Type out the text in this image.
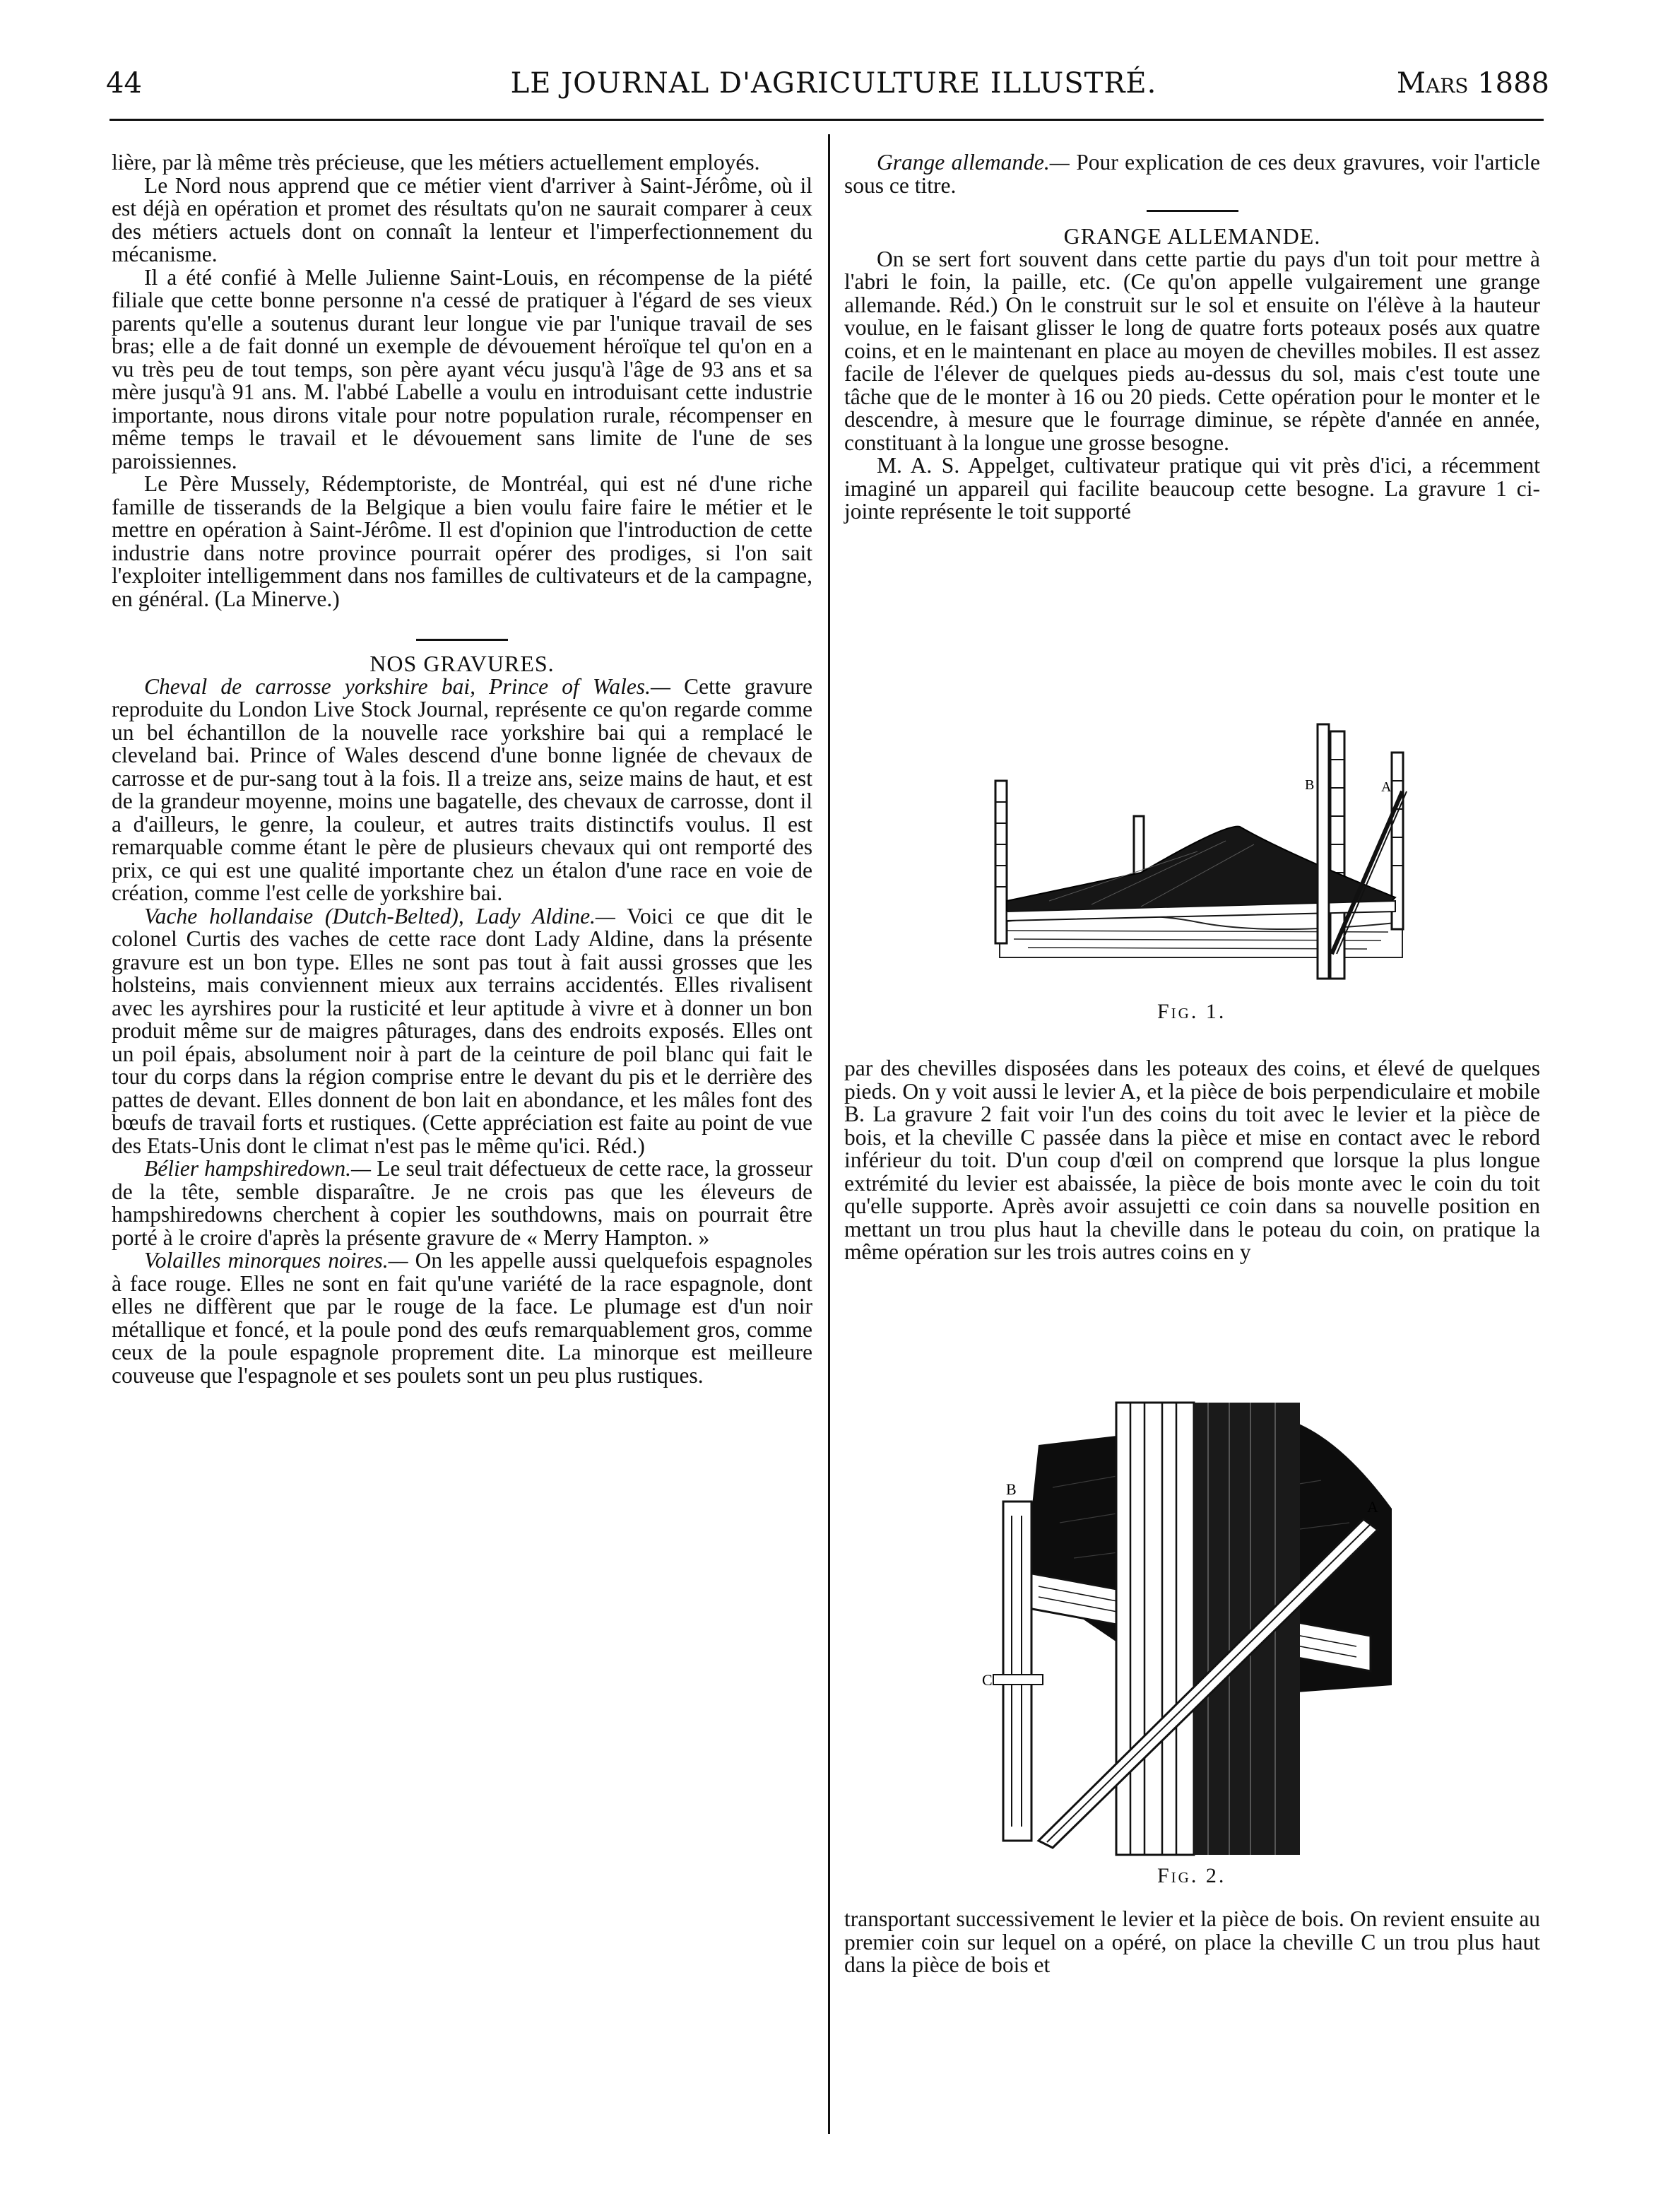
44	LE JOURNAL D'AGRICULTURE ILLUSTRÉ.	Mars 1888

lière, par là même très précieuse, que les métiers actuellement employés.

Le Nord nous apprend que ce métier vient d'arriver à Saint-Jérôme, où il est déjà en opération et promet des résultats qu'on ne saurait comparer à ceux des métiers actuels dont on connaît la lenteur et l'imperfectionnement du mécanisme.

Il a été confié à Melle Julienne Saint-Louis, en récompense de la piété filiale que cette bonne personne n'a cessé de pratiquer à l'égard de ses vieux parents qu'elle a soutenus durant leur longue vie par l'unique travail de ses bras; elle a de fait donné un exemple de dévouement héroïque tel qu'on en a vu très peu de tout temps, son père ayant vécu jusqu'à l'âge de 93 ans et sa mère jusqu'à 91 ans. M. l'abbé Labelle a voulu en introduisant cette industrie importante, nous dirons vitale pour notre population rurale, récompenser en même temps le travail et le dévouement sans limite de l'une de ses paroissiennes.

Le Père Mussely, Rédemptoriste, de Montréal, qui est né d'une riche famille de tisserands de la Belgique a bien voulu faire faire le métier et le mettre en opération à Saint-Jérôme. Il est d'opinion que l'introduction de cette industrie dans notre province pourrait opérer des prodiges, si l'on sait l'exploiter intelligemment dans nos familles de cultivateurs et de la campagne, en général. (La Minerve.)

NOS GRAVURES.

Cheval de carrosse yorkshire bai, Prince of Wales.— Cette gravure reproduite du London Live Stock Journal, représente ce qu'on regarde comme un bel échantillon de la nouvelle race yorkshire bai qui a remplacé le cleveland bai. Prince of Wales descend d'une bonne lignée de chevaux de carrosse et de pur-sang tout à la fois. Il a treize ans, seize mains de haut, et est de la grandeur moyenne, moins une bagatelle, des chevaux de carrosse, dont il a d'ailleurs, le genre, la couleur, et autres traits distinctifs voulus. Il est remarquable comme étant le père de plusieurs chevaux qui ont remporté des prix, ce qui est une qualité importante chez un étalon d'une race en voie de création, comme l'est celle de yorkshire bai.

Vache hollandaise (Dutch-Belted), Lady Aldine.— Voici ce que dit le colonel Curtis des vaches de cette race dont Lady Aldine, dans la présente gravure est un bon type. Elles ne sont pas tout à fait aussi grosses que les holsteins, mais conviennent mieux aux terrains accidentés. Elles rivalisent avec les ayrshires pour la rusticité et leur aptitude à vivre et à donner un bon produit même sur de maigres pâturages, dans des endroits exposés. Elles ont un poil épais, absolument noir à part de la ceinture de poil blanc qui fait le tour du corps dans la région comprise entre le devant du pis et le derrière des pattes de devant. Elles donnent de bon lait en abondance, et les mâles font des bœufs de travail forts et rustiques. (Cette appréciation est faite au point de vue des Etats-Unis dont le climat n'est pas le même qu'ici. Réd.)

Bélier hampshiredown.— Le seul trait défectueux de cette race, la grosseur de la tête, semble disparaître. Je ne crois pas que les éleveurs de hampshiredowns cherchent à copier les southdowns, mais on pourrait être porté à le croire d'après la présente gravure de « Merry Hampton. »

Volailles minorques noires.— On les appelle aussi quelquefois espagnoles à face rouge. Elles ne sont en fait qu'une variété de la race espagnole, dont elles ne diffèrent que par le rouge de la face. Le plumage est d'un noir métallique et foncé, et la poule pond des œufs remarquablement gros, comme ceux de la poule espagnole proprement dite. La minorque est meilleure couveuse que l'espagnole et ses poulets sont un peu plus rustiques.

Grange allemande.— Pour explication de ces deux gravures, voir l'article sous ce titre.

GRANGE ALLEMANDE.

On se sert fort souvent dans cette partie du pays d'un toit pour mettre à l'abri le foin, la paille, etc. (Ce qu'on appelle vulgairement une grange allemande. Réd.) On le construit sur le sol et ensuite on l'élève à la hauteur voulue, en le faisant glisser le long de quatre forts poteaux posés aux quatre coins, et en le maintenant en place au moyen de chevilles mobiles. Il est assez facile de l'élever de quelques pieds au-dessus du sol, mais c'est toute une tâche que de le monter à 16 ou 20 pieds. Cette opération pour le monter et le descendre, à mesure que le fourrage diminue, se répète d'année en année, constituant à la longue une grosse besogne.

M. A. S. Appelget, cultivateur pratique qui vit près d'ici, a récemment imaginé un appareil qui facilite beaucoup cette besogne. La gravure 1 ci-jointe représente le toit supporté

B	A
Fig. 1.

par des chevilles disposées dans les poteaux des coins, et élevé de quelques pieds. On y voit aussi le levier A, et la pièce de bois perpendiculaire et mobile B. La gravure 2 fait voir l'un des coins du toit avec le levier et la pièce de bois, et la cheville C passée dans la pièce et mise en contact avec le rebord inférieur du toit. D'un coup d'œil on comprend que lorsque la plus longue extrémité du levier est abaissée, la pièce de bois monte avec le coin du toit qu'elle supporte. Après avoir assujetti ce coin dans sa nouvelle position en mettant un trou plus haut la cheville dans le poteau du coin, on pratique la même opération sur les trois autres coins en y

B
C
A
Fig. 2.

transportant successivement le levier et la pièce de bois. On revient ensuite au premier coin sur lequel on a opéré, on place la cheville C un trou plus haut dans la pièce de bois et
